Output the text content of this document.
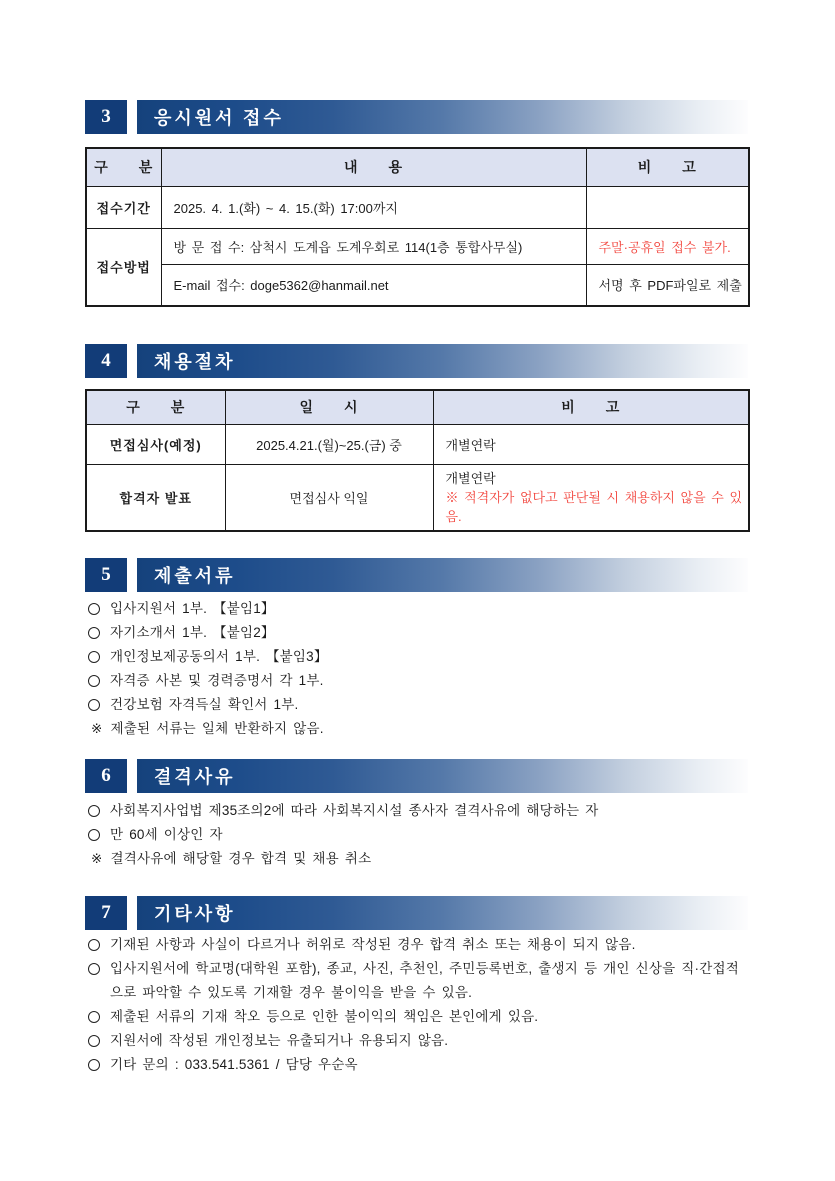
3	응시원서 접수
구　　분	내　　용	비　　고
접수기간	2025. 4. 1.(화) ~ 4. 15.(화) 17:00까지	
접수방법	방 문 접 수: 삼척시 도계읍 도계우회로 114(1층 통합사무실)	주말·공휴일 접수 불가.
	E-mail 접수: doge5362@hanmail.net	서명 후 PDF파일로 제출
4	채용절차
구　　분	일　　시	비　　고
면접심사(예정)	2025.4.21.(월)~25.(금) 중	개별연락
합격자 발표	면접심사 익일	개별연락
※ 적격자가 없다고 판단될 시 채용하지 않을 수 있음.
5	제출서류
입사지원서 1부. 【붙임1】
자기소개서 1부. 【붙임2】
개인정보제공동의서 1부. 【붙임3】
자격증 사본 및 경력증명서 각 1부.
건강보험 자격득실 확인서 1부.
※ 제출된 서류는 일체 반환하지 않음.
6	결격사유
사회복지사업법 제35조의2에 따라 사회복지시설 종사자 결격사유에 해당하는 자
만 60세 이상인 자
※ 결격사유에 해당할 경우 합격 및 채용 취소
7	기타사항
기재된 사항과 사실이 다르거나 허위로 작성된 경우 합격 취소 또는 채용이 되지 않음.
입사지원서에 학교명(대학원 포함), 종교, 사진, 추천인, 주민등록번호, 출생지 등 개인 신상을 직·간접적으로 파악할 수 있도록 기재할 경우 불이익을 받을 수 있음.
제출된 서류의 기재 착오 등으로 인한 불이익의 책임은 본인에게 있음.
지원서에 작성된 개인정보는 유출되거나 유용되지 않음.
기타 문의 : 033.541.5361 / 담당 우순옥
